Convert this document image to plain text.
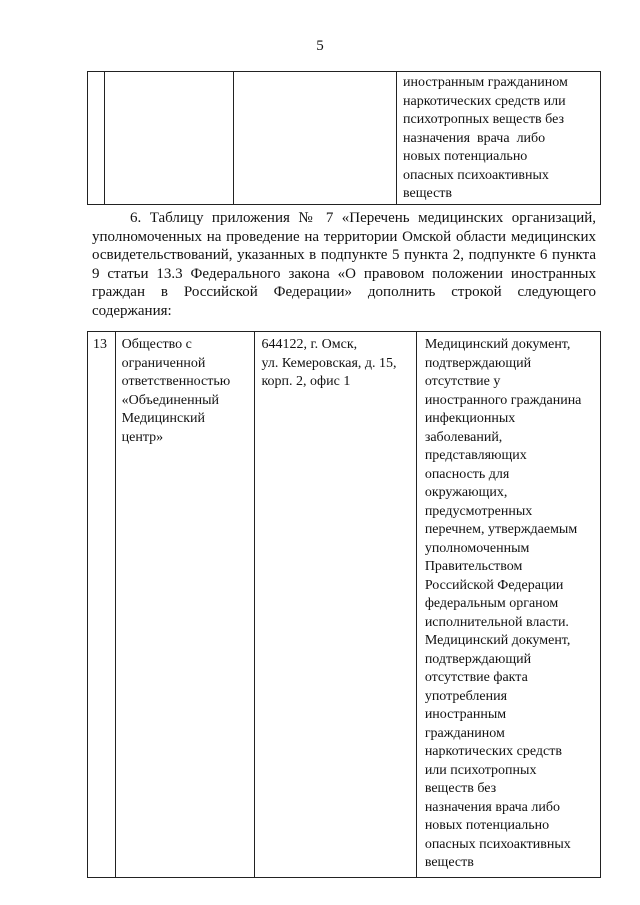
5

иностранным гражданином
наркотических средств или
психотропных веществ без
назначения  врача  либо
новых потенциально
опасных психоактивных
веществ
6. Таблицу приложения № 7 «Перечень медицинских организаций, уполномоченных на проведение на территории Омской области медицинских освидетельствований, указанных в подпункте 5 пункта 2, подпункте 6 пункта 9 статьи 13.3 Федерального закона «О правовом положении иностранных граждан в Российской Федерации» дополнить строкой следующего содержания:
13	Общество с
ограниченной
ответственностью
«Объединенный
Медицинский
центр»

644122, г. Омск,
ул. Кемеровская, д. 15,
корп. 2, офис 1

Медицинский документ,
подтверждающий
отсутствие у
иностранного гражданина
инфекционных
заболеваний,
представляющих
опасность для
окружающих,
предусмотренных
перечнем, утверждаемым
уполномоченным
Правительством
Российской Федерации
федеральным органом
исполнительной власти.
Медицинский документ,
подтверждающий
отсутствие факта
употребления
иностранным
гражданином
наркотических средств
или психотропных
веществ без
назначения врача либо
новых потенциально
опасных психоактивных
веществ
